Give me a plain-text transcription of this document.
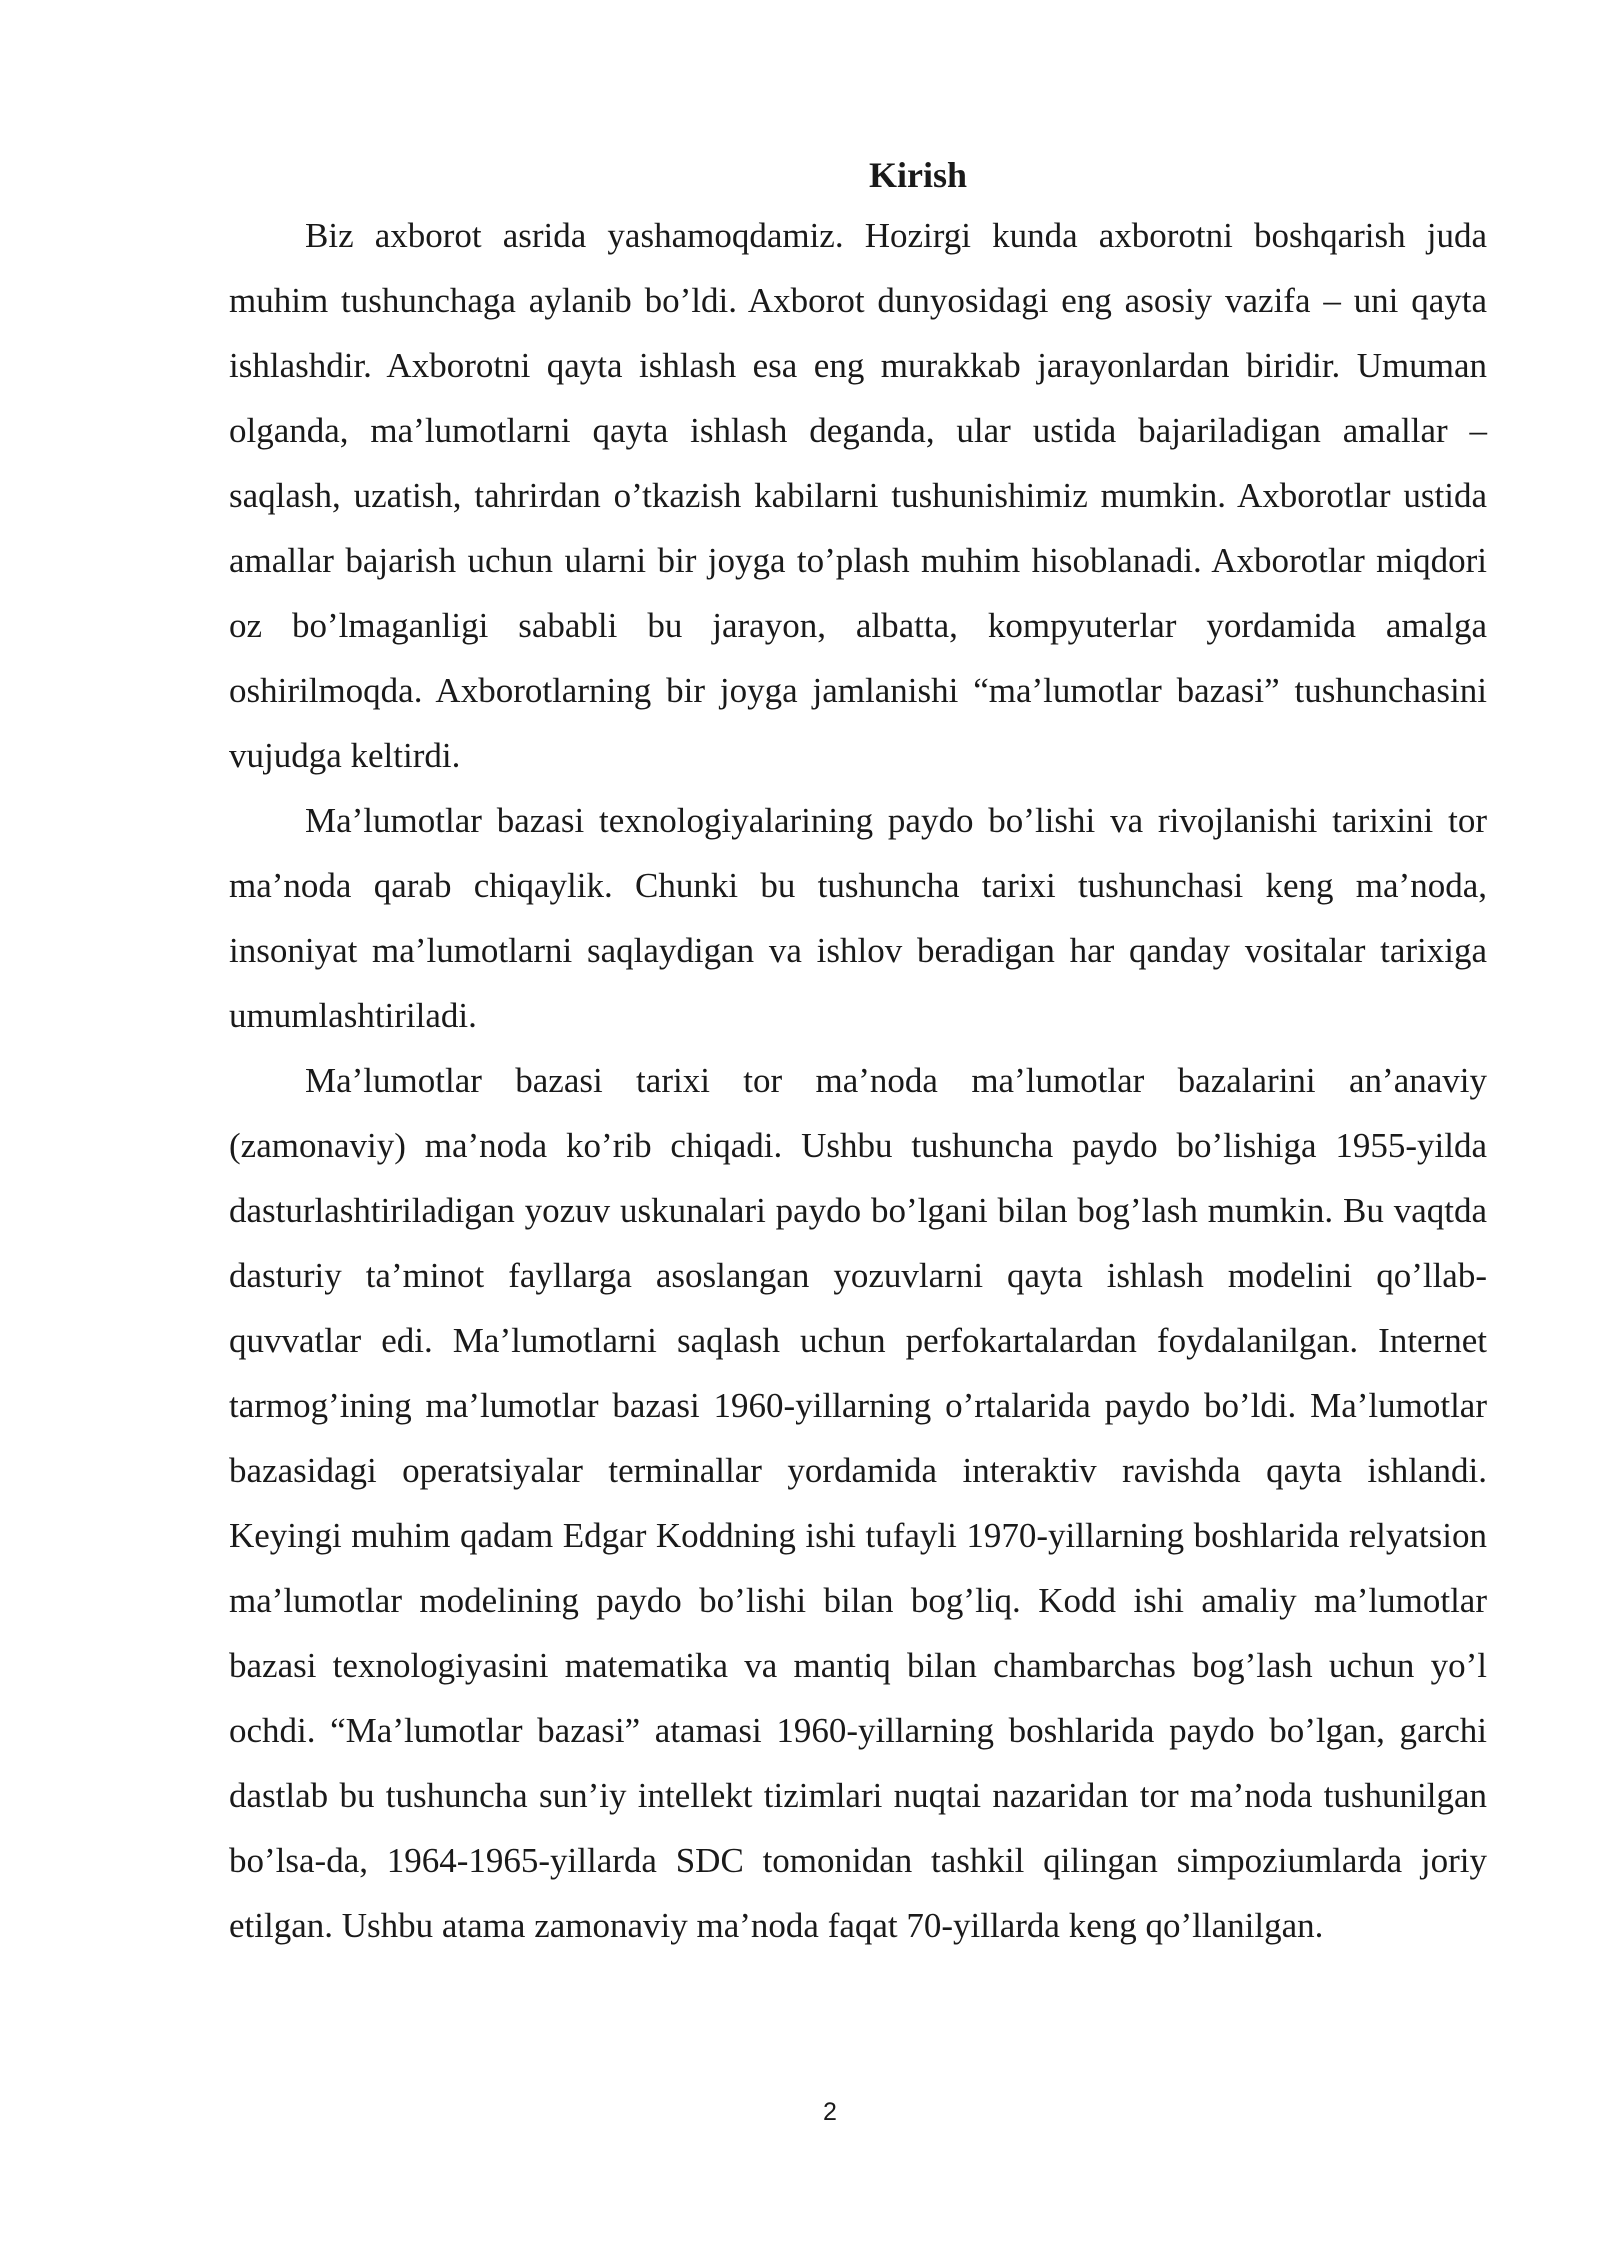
Kirish

Biz axborot asrida yashamoqdamiz. Hozirgi kunda axborotni boshqarish juda muhim tushunchaga aylanib bo’ldi. Axborot dunyosidagi eng asosiy vazifa – uni qayta ishlashdir. Axborotni qayta ishlash esa eng murakkab jarayonlardan biridir. Umuman olganda, ma’lumotlarni qayta ishlash deganda, ular ustida bajariladigan amallar – saqlash, uzatish, tahrirdan o’tkazish kabilarni tushunishimiz mumkin. Axborotlar ustida amallar bajarish uchun ularni bir joyga to’plash muhim hisoblanadi. Axborotlar miqdori oz bo’lmaganligi sababli bu jarayon, albatta, kompyuterlar yordamida amalga oshirilmoqda. Axborotlarning bir joyga jamlanishi “ma’lumotlar bazasi” tushunchasini vujudga keltirdi.

Ma’lumotlar bazasi texnologiyalarining paydo bo’lishi va rivojlanishi tarixini tor ma’noda qarab chiqaylik. Chunki bu tushuncha tarixi tushunchasi keng ma’noda, insoniyat ma’lumotlarni saqlaydigan va ishlov beradigan har qanday vositalar tarixiga umumlashtiriladi.

Ma’lumotlar bazasi tarixi tor ma’noda ma’lumotlar bazalarini an’anaviy (zamonaviy) ma’noda ko’rib chiqadi. Ushbu tushuncha paydo bo’lishiga 1955-yilda dasturlashtiriladigan yozuv uskunalari paydo bo’lgani bilan bog’lash mumkin. Bu vaqtda dasturiy ta’minot fayllarga asoslangan yozuvlarni qayta ishlash modelini qo’llab-quvvatlar edi. Ma’lumotlarni saqlash uchun perfokartalardan foydalanilgan. Internet tarmog’ining ma’lumotlar bazasi 1960-yillarning o’rtalarida paydo bo’ldi. Ma’lumotlar bazasidagi operatsiyalar terminallar yordamida interaktiv ravishda qayta ishlandi. Keyingi muhim qadam Edgar Koddning ishi tufayli 1970-yillarning boshlarida relyatsion ma’lumotlar modelining paydo bo’lishi bilan bog’liq. Kodd ishi amaliy ma’lumotlar bazasi texnologiyasini matematika va mantiq bilan chambarchas bog’lash uchun yo’l ochdi. “Ma’lumotlar bazasi” atamasi 1960-yillarning boshlarida paydo bo’lgan, garchi dastlab bu tushuncha sun’iy intellekt tizimlari nuqtai nazaridan tor ma’noda tushunilgan bo’lsa-da, 1964-1965-yillarda SDC tomonidan tashkil qilingan simpoziumlarda joriy etilgan. Ushbu atama zamonaviy ma’noda faqat 70-yillarda keng qo’llanilgan.

2
